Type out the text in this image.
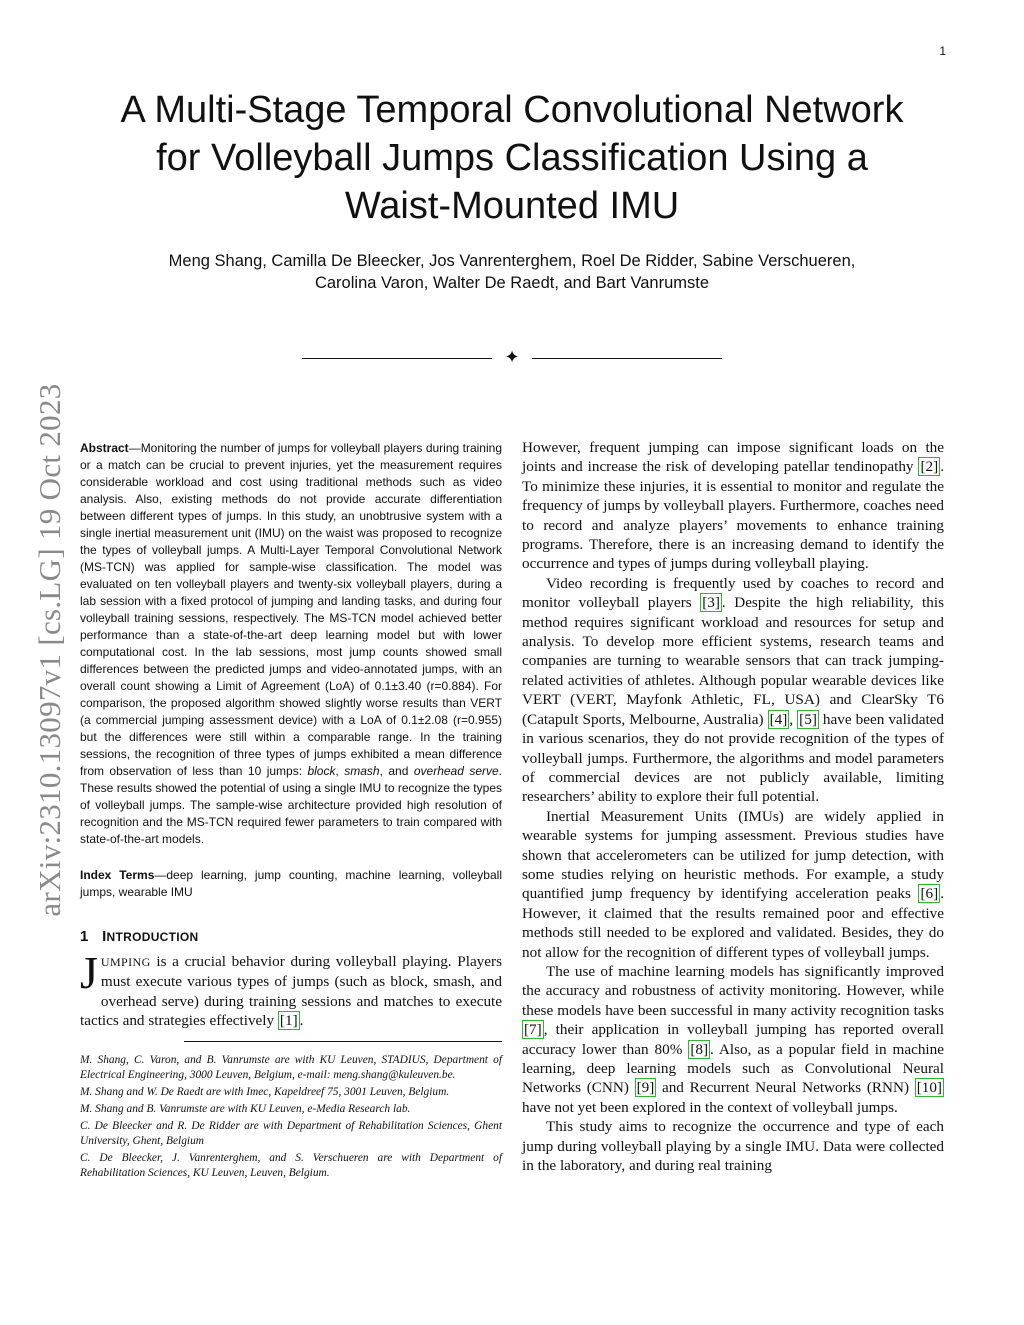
1
arXiv:2310.13097v1 [cs.LG] 19 Oct 2023
A Multi-Stage Temporal Convolutional Network
for Volleyball Jumps Classification Using a
Waist-Mounted IMU
Meng Shang, Camilla De Bleecker, Jos Vanrenterghem, Roel De Ridder, Sabine Verschueren,
Carolina Varon, Walter De Raedt, and Bart Vanrumste
✦

Abstract—Monitoring the number of jumps for volleyball players during training or a match can be crucial to prevent injuries, yet the measurement requires considerable workload and cost using traditional methods such as video analysis. Also, existing methods do not provide accurate differentiation between different types of jumps. In this study, an unobtrusive system with a single inertial measurement unit (IMU) on the waist was proposed to recognize the types of volleyball jumps. A Multi-Layer Temporal Convolutional Network (MS-TCN) was applied for sample-wise classification. The model was evaluated on ten volleyball players and twenty-six volleyball players, during a lab session with a fixed protocol of jumping and landing tasks, and during four volleyball training sessions, respectively. The MS-TCN model achieved better performance than a state-of-the-art deep learning model but with lower computational cost. In the lab sessions, most jump counts showed small differences between the predicted jumps and video-annotated jumps, with an overall count showing a Limit of Agreement (LoA) of 0.1±3.40 (r=0.884). For comparison, the proposed algorithm showed slightly worse results than VERT (a commercial jumping assessment device) with a LoA of 0.1±2.08 (r=0.955) but the differences were still within a comparable range. In the training sessions, the recognition of three types of jumps exhibited a mean difference from observation of less than 10 jumps: block, smash, and overhead serve. These results showed the potential of using a single IMU to recognize the types of volleyball jumps. The sample-wise architecture provided high resolution of recognition and the MS-TCN required fewer parameters to train compared with state-of-the-art models.

Index Terms—deep learning, jump counting, machine learning, volleyball jumps, wearable IMU

1 INTRODUCTION

JUMPING is a crucial behavior during volleyball playing. Players must execute various types of jumps (such as block, smash, and overhead serve) during training sessions and matches to execute tactics and strategies effectively [1] .

M. Shang, C. Varon, and B. Vanrumste are with KU Leuven, STADIUS, Department of Electrical Engineering, 3000 Leuven, Belgium, e-mail: meng.shang@kuleuven.be.

M. Shang and W. De Raedt are with Imec, Kapeldreef 75, 3001 Leuven, Belgium.

M. Shang and B. Vanrumste are with KU Leuven, e-Media Research lab.

C. De Bleecker and R. De Ridder are with Department of Rehabilitation Sciences, Ghent University, Ghent, Belgium

C. De Bleecker, J. Vanrenterghem, and S. Verschueren are with Department of Rehabilitation Sciences, KU Leuven, Leuven, Belgium.

However, frequent jumping can impose significant loads on the joints and increase the risk of developing patellar tendinopathy [2] . To minimize these injuries, it is essential to monitor and regulate the frequency of jumps by volleyball players. Furthermore, coaches need to record and analyze players’ movements to enhance training programs. Therefore, there is an increasing demand to identify the occurrence and types of jumps during volleyball playing.

Video recording is frequently used by coaches to record and monitor volleyball players [3] . Despite the high reliability, this method requires significant workload and resources for setup and analysis. To develop more efficient systems, research teams and companies are turning to wearable sensors that can track jumping-related activities of athletes. Although popular wearable devices like VERT (VERT, Mayfonk Athletic, FL, USA) and ClearSky T6 (Catapult Sports, Melbourne, Australia) [4] , [5] have been validated in various scenarios, they do not provide recognition of the types of volleyball jumps. Furthermore, the algorithms and model parameters of commercial devices are not publicly available, limiting researchers’ ability to explore their full potential.

Inertial Measurement Units (IMUs) are widely applied in wearable systems for jumping assessment. Previous studies have shown that accelerometers can be utilized for jump detection, with some studies relying on heuristic methods. For example, a study quantified jump frequency by identifying acceleration peaks [6] . However, it claimed that the results remained poor and effective methods still needed to be explored and validated. Besides, they do not allow for the recognition of different types of volleyball jumps.

The use of machine learning models has significantly improved the accuracy and robustness of activity monitoring. However, while these models have been successful in many activity recognition tasks [7] , their application in volleyball jumping has reported overall accuracy lower than 80% [8] . Also, as a popular field in machine learning, deep learning models such as Convolutional Neural Networks (CNN) [9] and Recurrent Neural Networks (RNN) [10] have not yet been explored in the context of volleyball jumps.

This study aims to recognize the occurrence and type of each jump during volleyball playing by a single IMU. Data were collected in the laboratory, and during real training
